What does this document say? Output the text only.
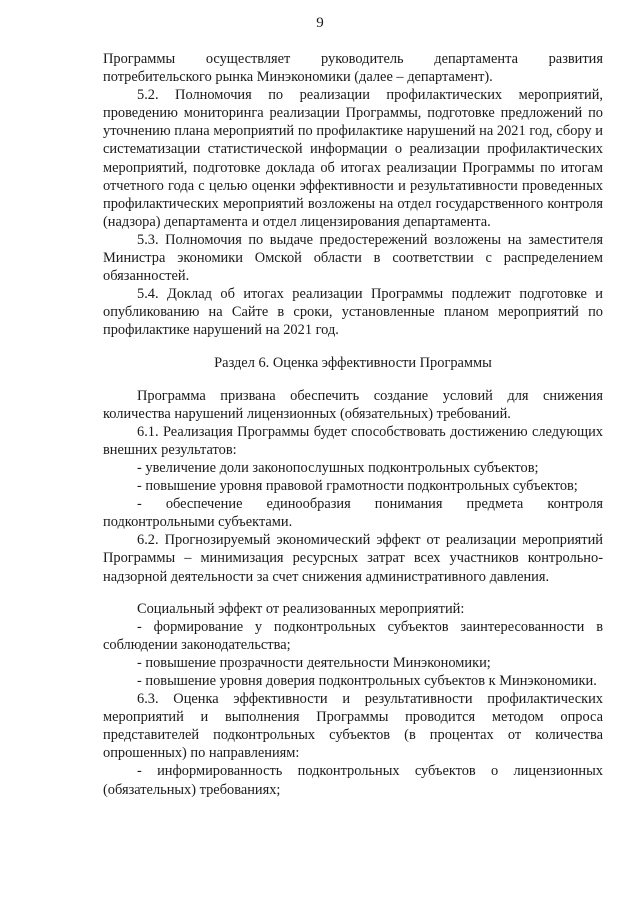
9

Программы осуществляет руководитель департамента развития потребительского рынка Минэкономики (далее – департамент).

5.2. Полномочия по реализации профилактических мероприятий, проведению мониторинга реализации Программы, подготовке предложений по уточнению плана мероприятий по профилактике нарушений на 2021 год, сбору и систематизации статистической информации о реализации профилактических мероприятий, подготовке доклада об итогах реализации Программы по итогам отчетного года с целью оценки эффективности и результативности проведенных профилактических мероприятий возложены на отдел государственного контроля (надзора) департамента и отдел лицензирования департамента.

5.3. Полномочия по выдаче предостережений возложены на заместителя Министра экономики Омской области в соответствии с распределением обязанностей.

5.4. Доклад об итогах реализации Программы подлежит подготовке и опубликованию на Сайте в сроки, установленные планом мероприятий по профилактике нарушений на 2021 год.

Раздел 6. Оценка эффективности Программы

Программа призвана обеспечить создание условий для снижения количества нарушений лицензионных (обязательных) требований.

6.1. Реализация Программы будет способствовать достижению следующих внешних результатов:

- увеличение доли законопослушных подконтрольных субъектов;

- повышение уровня правовой грамотности подконтрольных субъектов;

- обеспечение единообразия понимания предмета контроля подконтрольными субъектами.

6.2. Прогнозируемый экономический эффект от реализации мероприятий Программы – минимизация ресурсных затрат всех участников контрольно-надзорной деятельности за счет снижения административного давления.

Социальный эффект от реализованных мероприятий:

- формирование у подконтрольных субъектов заинтересованности в соблюдении законодательства;

- повышение прозрачности деятельности Минэкономики;

- повышение уровня доверия подконтрольных субъектов к Минэкономики.

6.3. Оценка эффективности и результативности профилактических мероприятий и выполнения Программы проводится методом опроса представителей подконтрольных субъектов (в процентах от количества опрошенных) по направлениям:

- информированность подконтрольных субъектов о лицензионных (обязательных) требованиях;
